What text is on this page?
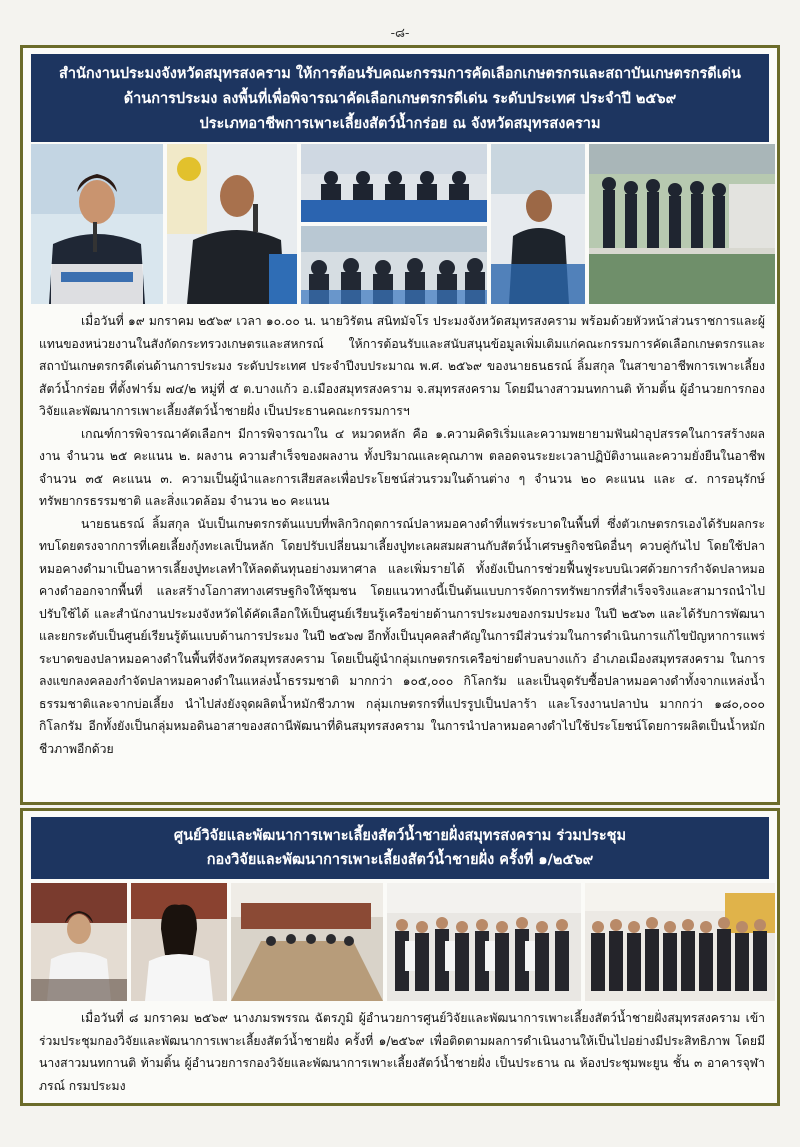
-๘-
สำนักงานประมงจังหวัดสมุทรสงคราม ให้การต้อนรับคณะกรรมการคัดเลือกเกษตรกรและสถาบันเกษตรกรดีเด่น
ด้านการประมง ลงพื้นที่เพื่อพิจารณาคัดเลือกเกษตรกรดีเด่น ระดับประเทศ ประจำปี ๒๕๖๙
ประเภทอาชีพการเพาะเลี้ยงสัตว์น้ำกร่อย ณ จังหวัดสมุทรสงคราม

เมื่อวันที่ ๑๙ มกราคม ๒๕๖๙ เวลา ๑๐.๐๐ น. นายวิรัตน สนิทมัจโร ประมงจังหวัดสมุทรสงคราม พร้อมด้วยหัวหน้าส่วนราชการและผู้แทนของหน่วยงานในสังกัดกระทรวงเกษตรและสหกรณ์ ให้การต้อนรับและสนับสนุนข้อมูลเพิ่มเติมแก่คณะกรรมการคัดเลือกเกษตรกรและสถาบันเกษตรกรดีเด่นด้านการประมง ระดับประเทศ ประจำปีงบประมาณ พ.ศ. ๒๕๖๙ ของนายธนธรณ์ ลิ้มสกุล ในสาขาอาชีพการเพาะเลี้ยงสัตว์น้ำกร่อย ที่ตั้งฟาร์ม ๗๔/๒ หมู่ที่ ๕ ต.บางแก้ว อ.เมืองสมุทรสงคราม จ.สมุทรสงคราม โดยมีนางสาวมนทกานติ ท้ามติ้น ผู้อำนวยการกองวิจัยและพัฒนาการเพาะเลี้ยงสัตว์น้ำชายฝั่ง เป็นประธานคณะกรรมการฯ

เกณฑ์การพิจารณาคัดเลือกฯ มีการพิจารณาใน ๔ หมวดหลัก คือ ๑.ความคิดริเริ่มและความพยายามฟันฝ่าอุปสรรคในการสร้างผลงาน จำนวน ๒๕ คะแนน ๒. ผลงาน ความสำเร็จของผลงาน ทั้งปริมาณและคุณภาพ ตลอดจนระยะเวลาปฏิบัติงานและความยั่งยืนในอาชีพ จำนวน ๓๕ คะแนน ๓. ความเป็นผู้นำและการเสียสละเพื่อประโยชน์ส่วนรวมในด้านต่าง ๆ จำนวน ๒๐ คะแนน และ ๔. การอนุรักษ์ทรัพยากรธรรมชาติ และสิ่งแวดล้อม จำนวน ๒๐ คะแนน

นายธนธรณ์ ลิ้มสกุล นับเป็นเกษตรกรต้นแบบที่พลิกวิกฤตการณ์ปลาหมอคางดำที่แพร่ระบาดในพื้นที่ ซึ่งตัวเกษตรกรเองได้รับผลกระทบโดยตรงจากการที่เคยเลี้ยงกุ้งทะเลเป็นหลัก โดยปรับเปลี่ยนมาเลี้ยงปูทะเลผสมผสานกับสัตว์น้ำเศรษฐกิจชนิดอื่นๆ ควบคู่กันไป โดยใช้ปลาหมอคางดำมาเป็นอาหารเลี้ยงปูทะเลทำให้ลดต้นทุนอย่างมหาศาล และเพิ่มรายได้ ทั้งยังเป็นการช่วยฟื้นฟูระบบนิเวศด้วยการกำจัดปลาหมอคางดำออกจากพื้นที่ และสร้างโอกาสทางเศรษฐกิจให้ชุมชน โดยแนวทางนี้เป็นต้นแบบการจัดการทรัพยากรที่สำเร็จจริงและสามารถนำไปปรับใช้ได้ และสำนักงานประมงจังหวัดได้คัดเลือกให้เป็นศูนย์เรียนรู้เครือข่ายด้านการประมงของกรมประมง ในปี ๒๕๖๓ และได้รับการพัฒนาและยกระดับเป็นศูนย์เรียนรู้ต้นแบบด้านการประมง ในปี ๒๕๖๗ อีกทั้งเป็นบุคคลสำคัญในการมีส่วนร่วมในการดำเนินการแก้ไขปัญหาการแพร่ระบาดของปลาหมอคางดำในพื้นที่จังหวัดสมุทรสงคราม โดยเป็นผู้นำกลุ่มเกษตรกรเครือข่ายตำบลบางแก้ว อำเภอเมืองสมุทรสงคราม ในการลงแขกลงคลองกำจัดปลาหมอคางดำในแหล่งน้ำธรรมชาติ มากกว่า ๑๐๕,๐๐๐ กิโลกรัม และเป็นจุดรับซื้อปลาหมอคางดำทั้งจากแหล่งน้ำธรรมชาติและจากบ่อเลี้ยง นำไปส่งยังจุดผลิตน้ำหมักชีวภาพ กลุ่มเกษตรกรที่แปรรูปเป็นปลาร้า และโรงงานปลาป่น มากกว่า ๑๘๐,๐๐๐ กิโลกรัม อีกทั้งยังเป็นกลุ่มหมอดินอาสาของสถานีพัฒนาที่ดินสมุทรสงคราม ในการนำปลาหมอคางดำไปใช้ประโยชน์โดยการผลิตเป็นน้ำหมักชีวภาพอีกด้วย

ศูนย์วิจัยและพัฒนาการเพาะเลี้ยงสัตว์น้ำชายฝั่งสมุทรสงคราม ร่วมประชุม
กองวิจัยและพัฒนาการเพาะเลี้ยงสัตว์น้ำชายฝั่ง ครั้งที่ ๑/๒๕๖๙

เมื่อวันที่ ๘ มกราคม ๒๕๖๙ นางภมรพรรณ ฉัตรภูมิ ผู้อำนวยการศูนย์วิจัยและพัฒนาการเพาะเลี้ยงสัตว์น้ำชายฝั่งสมุทรสงคราม เข้าร่วมประชุมกองวิจัยและพัฒนาการเพาะเลี้ยงสัตว์น้ำชายฝั่ง ครั้งที่ ๑/๒๕๖๙ เพื่อติดตามผลการดำเนินงานให้เป็นไปอย่างมีประสิทธิภาพ โดยมีนางสาวมนทกานติ ท้ามติ้น ผู้อำนวยการกองวิจัยและพัฒนาการเพาะเลี้ยงสัตว์น้ำชายฝั่ง เป็นประธาน ณ ห้องประชุมพะยูน ชั้น ๓ อาคารจุฬาภรณ์ กรมประมง
